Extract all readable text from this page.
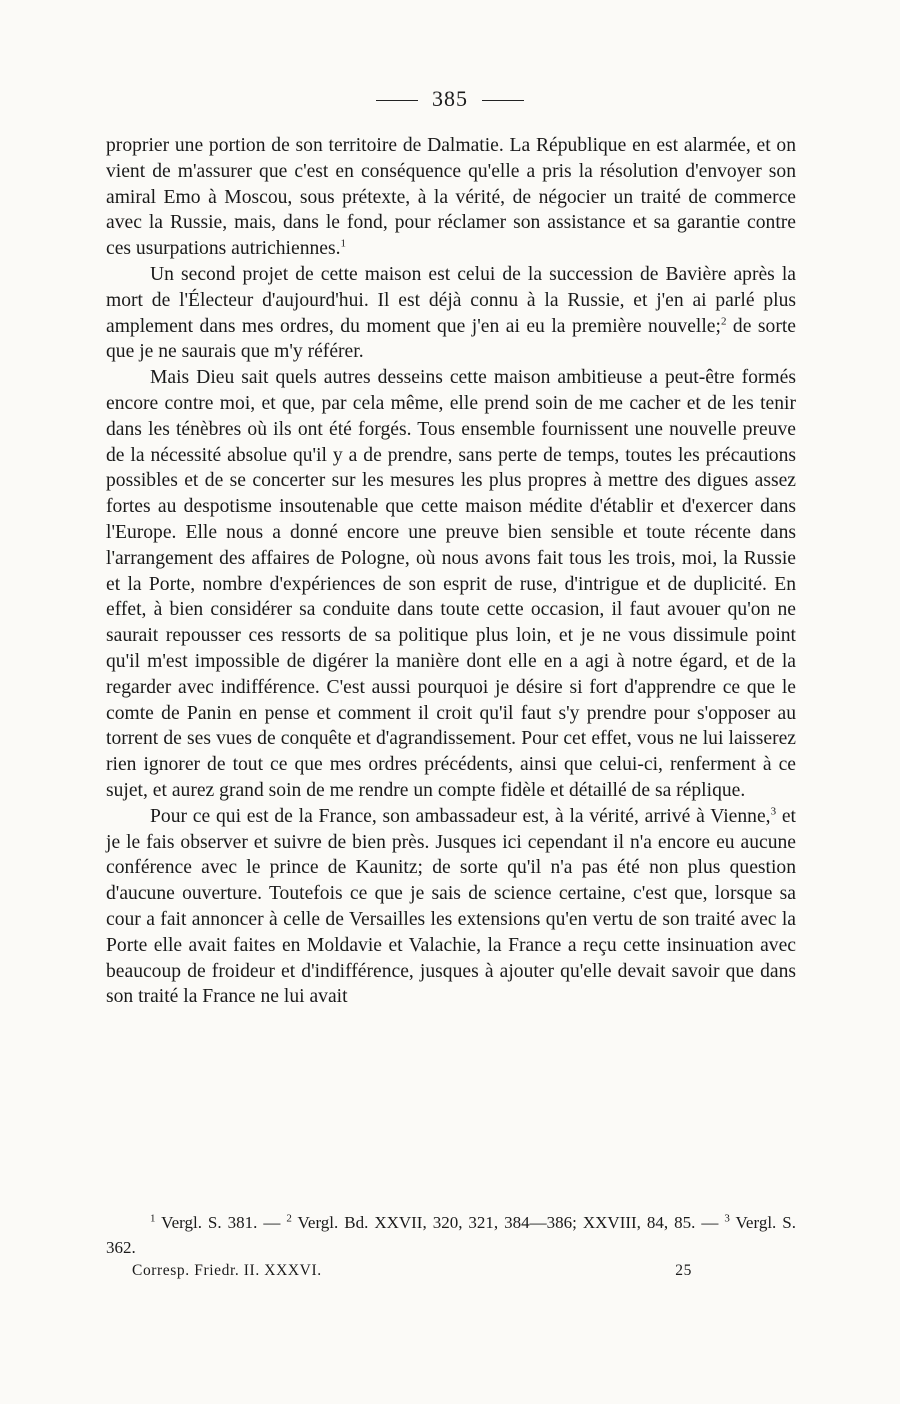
385

proprier une portion de son territoire de Dalmatie. La République en est alarmée, et on vient de m'assurer que c'est en conséquence qu'elle a pris la résolution d'envoyer son amiral Emo à Moscou, sous prétexte, à la vérité, de négocier un traité de commerce avec la Russie, mais, dans le fond, pour réclamer son assistance et sa garantie contre ces usurpations autrichiennes.$^1$

Un second projet de cette maison est celui de la succession de Bavière après la mort de l'Électeur d'aujourd'hui. Il est déjà connu à la Russie, et j'en ai parlé plus amplement dans mes ordres, du moment que j'en ai eu la première nouvelle;$^2$ de sorte que je ne saurais que m'y référer.

Mais Dieu sait quels autres desseins cette maison ambitieuse a peut-être formés encore contre moi, et que, par cela même, elle prend soin de me cacher et de les tenir dans les ténèbres où ils ont été forgés. Tous ensemble fournissent une nouvelle preuve de la nécessité absolue qu'il y a de prendre, sans perte de temps, toutes les précautions possibles et de se concerter sur les mesures les plus propres à mettre des digues assez fortes au despotisme insoutenable que cette maison médite d'établir et d'exercer dans l'Europe. Elle nous a donné encore une preuve bien sensible et toute récente dans l'arrangement des affaires de Pologne, où nous avons fait tous les trois, moi, la Russie et la Porte, nombre d'expériences de son esprit de ruse, d'intrigue et de duplicité. En effet, à bien considérer sa conduite dans toute cette occasion, il faut avouer qu'on ne saurait repousser ces ressorts de sa politique plus loin, et je ne vous dissimule point qu'il m'est impossible de digérer la manière dont elle en a agi à notre égard, et de la regarder avec indifférence. C'est aussi pourquoi je désire si fort d'apprendre ce que le comte de Panin en pense et comment il croit qu'il faut s'y prendre pour s'opposer au torrent de ses vues de conquête et d'agrandissement. Pour cet effet, vous ne lui laisserez rien ignorer de tout ce que mes ordres précédents, ainsi que celui-ci, renferment à ce sujet, et aurez grand soin de me rendre un compte fidèle et détaillé de sa réplique.

Pour ce qui est de la France, son ambassadeur est, à la vérité, arrivé à Vienne,$^3$ et je le fais observer et suivre de bien près. Jusques ici cependant il n'a encore eu aucune conférence avec le prince de Kaunitz; de sorte qu'il n'a pas été non plus question d'aucune ouverture. Toutefois ce que je sais de science certaine, c'est que, lorsque sa cour a fait annoncer à celle de Versailles les extensions qu'en vertu de son traité avec la Porte elle avait faites en Moldavie et Valachie, la France a reçu cette insinuation avec beaucoup de froideur et d'indifférence, jusques à ajouter qu'elle devait savoir que dans son traité la France ne lui avait

$^1$ Vergl. S. 381. — $^2$ Vergl. Bd. XXVII, 320, 321, 384—386; XXVIII, 84, 85. — $^3$ Vergl. S. 362.

Corresp. Friedr. II. XXXVI.	25
